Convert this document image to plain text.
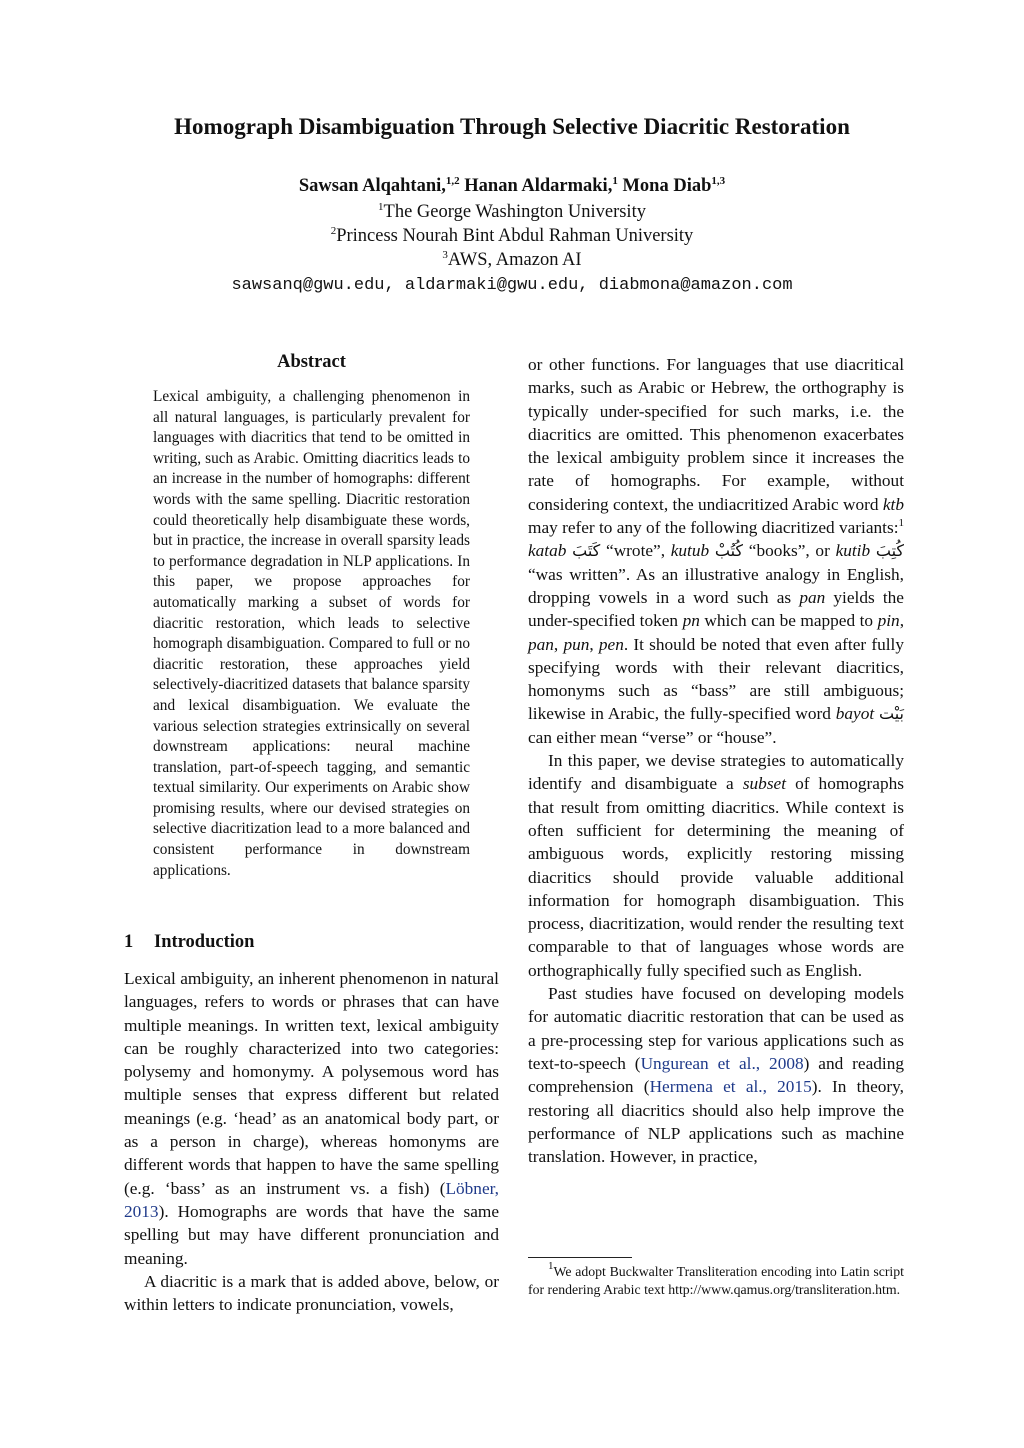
Homograph Disambiguation Through Selective Diacritic Restoration
Sawsan Alqahtani,$^{1,2}$ Hanan Aldarmaki,$^1$ Mona Diab$^{1,3}$
$^1$The George Washington University
$^2$Princess Nourah Bint Abdul Rahman University
$^3$AWS, Amazon AI
sawsanq@gwu.edu, aldarmaki@gwu.edu, diabmona@amazon.com
Abstract

Lexical ambiguity, a challenging phenomenon in all natural languages, is particularly prevalent for languages with diacritics that tend to be omitted in writing, such as Arabic. Omitting diacritics leads to an increase in the number of homographs: different words with the same spelling. Diacritic restoration could theoretically help disambiguate these words, but in practice, the increase in overall sparsity leads to performance degradation in NLP applications. In this paper, we propose approaches for automatically marking a subset of words for diacritic restoration, which leads to selective homograph disambiguation. Compared to full or no diacritic restoration, these approaches yield selectively-diacritized datasets that balance sparsity and lexical disambiguation. We evaluate the various selection strategies extrinsically on several downstream applications: neural machine translation, part-of-speech tagging, and semantic textual similarity. Our experiments on Arabic show promising results, where our devised strategies on selective diacritization lead to a more balanced and consistent performance in downstream applications.

1 Introduction

Lexical ambiguity, an inherent phenomenon in natural languages, refers to words or phrases that can have multiple meanings. In written text, lexical ambiguity can be roughly characterized into two categories: polysemy and homonymy. A polysemous word has multiple senses that express different but related meanings (e.g. ‘head’ as an anatomical body part, or as a person in charge), whereas homonyms are different words that happen to have the same spelling (e.g. ‘bass’ as an instrument vs. a fish) (Löbner, 2013). Homographs are words that have the same spelling but may have different pronunciation and meaning.

A diacritic is a mark that is added above, below, or within letters to indicate pronunciation, vowels,

or other functions. For languages that use diacritical marks, such as Arabic or Hebrew, the orthography is typically under-specified for such marks, i.e. the diacritics are omitted. This phenomenon exacerbates the lexical ambiguity problem since it increases the rate of homographs. For example, without considering context, the undiacritized Arabic word ktb may refer to any of the following diacritized variants:$^1$ katab كَتَبَ “wrote”, kutub كُتُبْ “books”, or kutib كُتِبَ “was written”. As an illustrative analogy in English, dropping vowels in a word such as pan yields the under-specified token pn which can be mapped to pin, pan, pun, pen. It should be noted that even after fully specifying words with their relevant diacritics, homonyms such as “bass” are still ambiguous; likewise in Arabic, the fully-specified word bayot بَيْت can either mean “verse” or “house”.

In this paper, we devise strategies to automatically identify and disambiguate a subset of homographs that result from omitting diacritics. While context is often sufficient for determining the meaning of ambiguous words, explicitly restoring missing diacritics should provide valuable additional information for homograph disambiguation. This process, diacritization, would render the resulting text comparable to that of languages whose words are orthographically fully specified such as English.

Past studies have focused on developing models for automatic diacritic restoration that can be used as a pre-processing step for various applications such as text-to-speech (Ungurean et al., 2008) and reading comprehension (Hermena et al., 2015). In theory, restoring all diacritics should also help improve the performance of NLP applications such as machine translation. However, in practice,

$^1$We adopt Buckwalter Transliteration encoding into Latin script for rendering Arabic text http://www.qamus.org/transliteration.htm.
